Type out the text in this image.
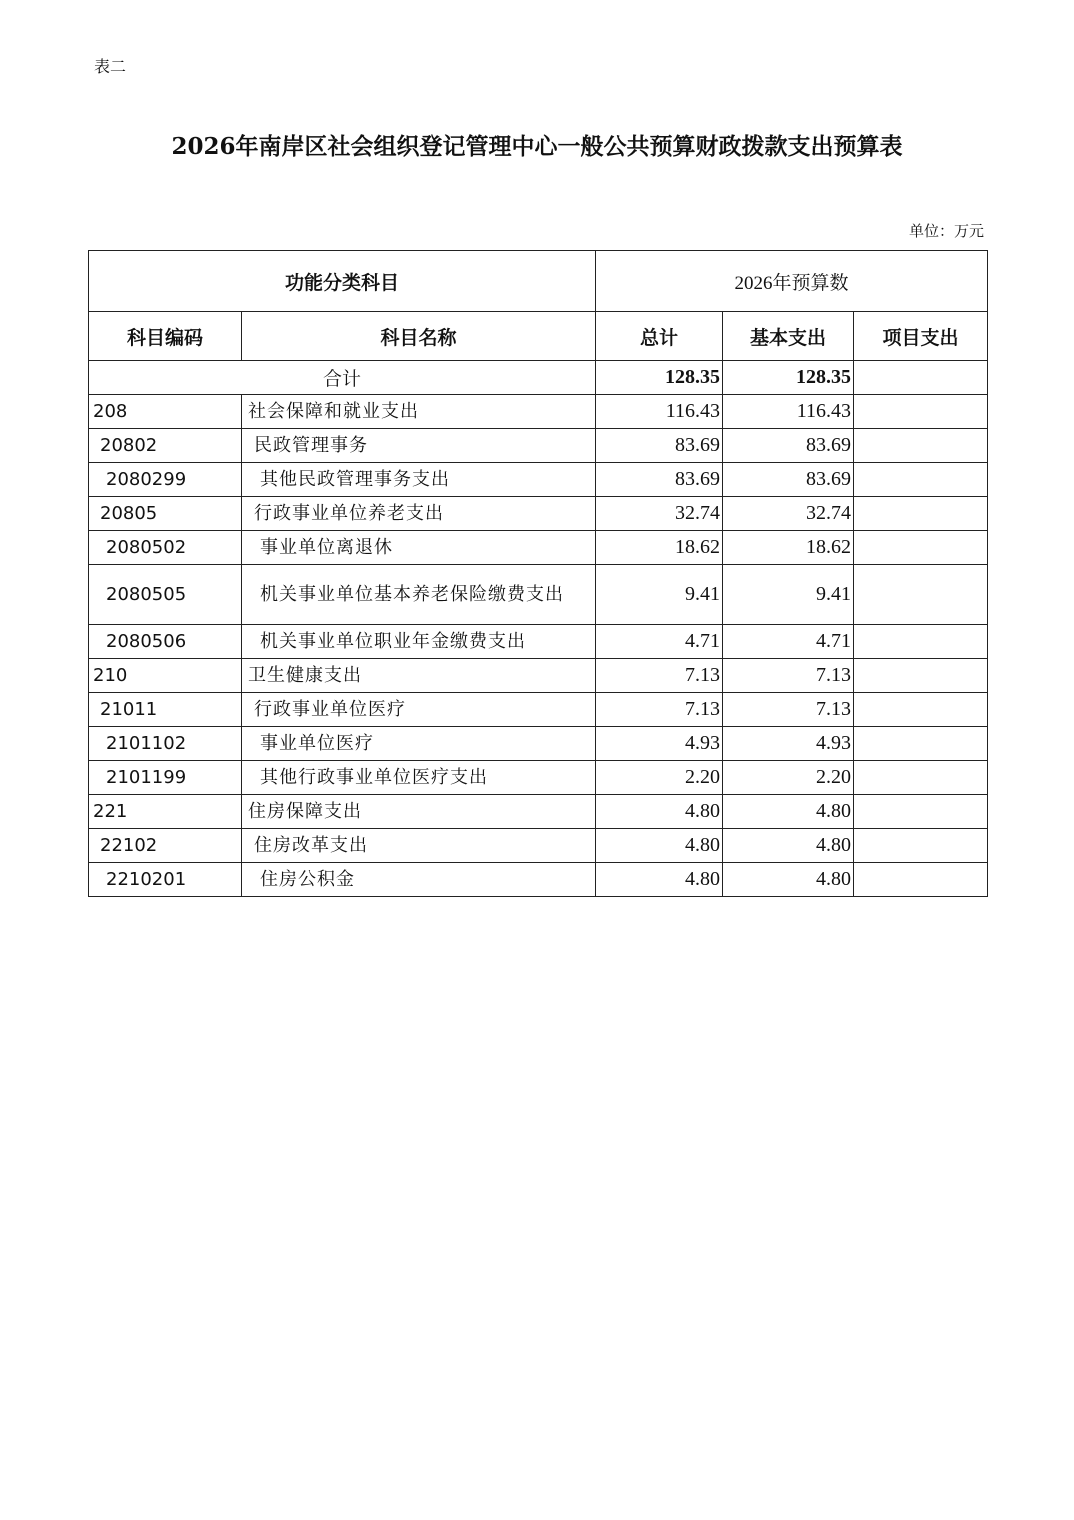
表二
2026年南岸区社会组织登记管理中心一般公共预算财政拨款支出预算表
单位：万元
功能分类科目		2026年预算数		
科目编码	科目名称	总计	基本支出	项目支出
合计		128.35	128.35	
208	社会保障和就业支出	116.43	116.43	
20802	民政管理事务	83.69	83.69	
2080299	其他民政管理事务支出	83.69	83.69	
20805	行政事业单位养老支出	32.74	32.74	
2080502	事业单位离退休	18.62	18.62	
2080505	机关事业单位基本养老保险缴费支出	9.41	9.41	
2080506	机关事业单位职业年金缴费支出	4.71	4.71	
210	卫生健康支出	7.13	7.13	
21011	行政事业单位医疗	7.13	7.13	
2101102	事业单位医疗	4.93	4.93	
2101199	其他行政事业单位医疗支出	2.20	2.20	
221	住房保障支出	4.80	4.80	
22102	住房改革支出	4.80	4.80	
2210201	住房公积金	4.80	4.80	
